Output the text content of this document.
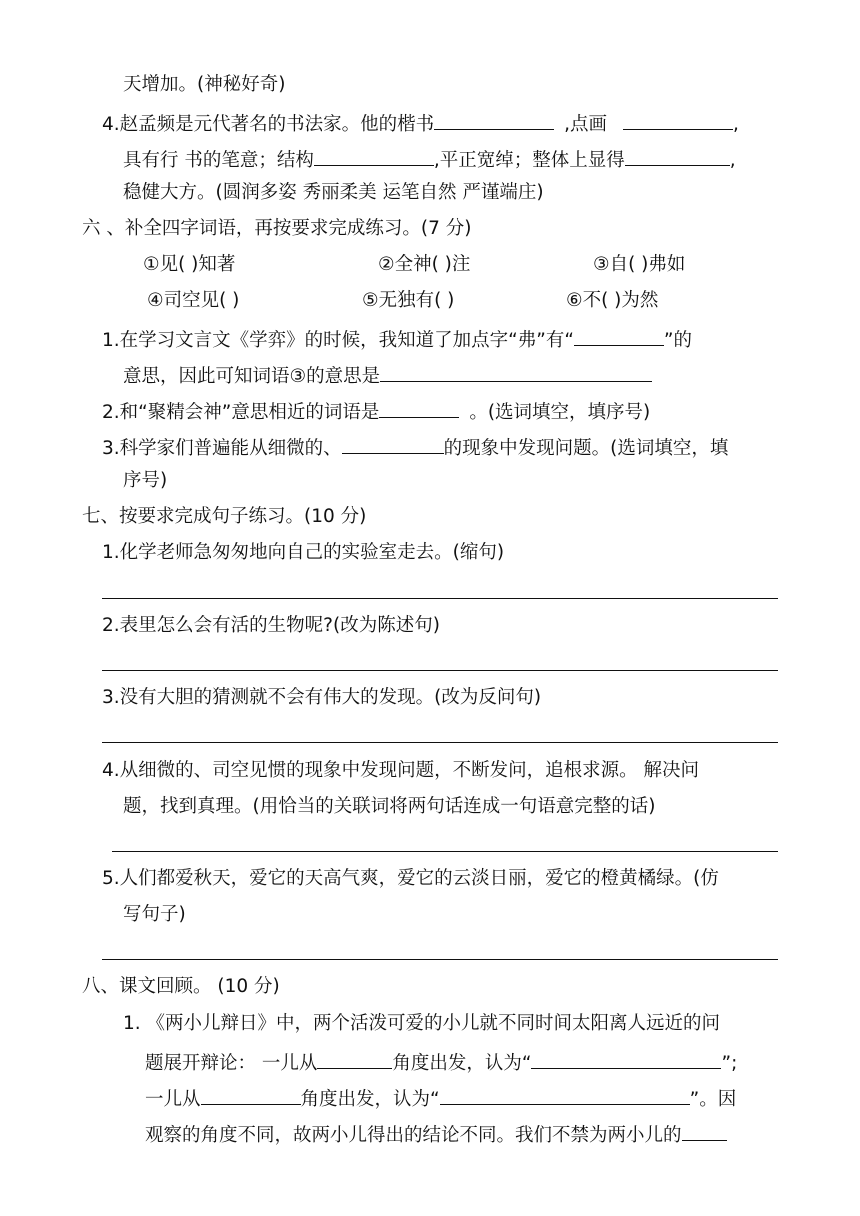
天增加。(神秘好奇)
4.赵孟频是元代著名的书法家。他的楷书	,点画	,
具有行 书的笔意；结构	,平正宽绰；整体上显得	,
稳健大方。(圆润多姿 秀丽柔美 运笔自然 严谨端庄)
六 、补全四字词语，再按要求完成练习。(7 分)
①见( )知著	②全神( )注	③自( )弗如
④司空见( )	⑤无独有( )	⑥不( )为然
1.在学习文言文《学弈》的时候，我知道了加点字“弗”有“	”的
意思，因此可知词语③的意思是
2.和“聚精会神”意思相近的词语是	。(选词填空，填序号)
3.科学家们普遍能从细微的、	的现象中发现问题。(选词填空，填
序号)
七、按要求完成句子练习。(10 分)
1.化学老师急匆匆地向自己的实验室走去。(缩句)
2.表里怎么会有活的生物呢?(改为陈述句)
3.没有大胆的猜测就不会有伟大的发现。(改为反问句)
4.从细微的、司空见惯的现象中发现问题，不断发问，追根求源。 解决问
题，找到真理。(用恰当的关联词将两句话连成一句语意完整的话)
5.人们都爱秋天，爱它的天高气爽，爱它的云淡日丽，爱它的橙黄橘绿。(仿
写句子)
八、课文回顾。 (10 分)
1. 《两小儿辩日》中，两个活泼可爱的小儿就不同时间太阳离人远近的问
题展开辩论： 一儿从	角度出发，认为“	”;
一儿从	角度出发，认为“	”。因
观察的角度不同，故两小儿得出的结论不同。我们不禁为两小儿的
